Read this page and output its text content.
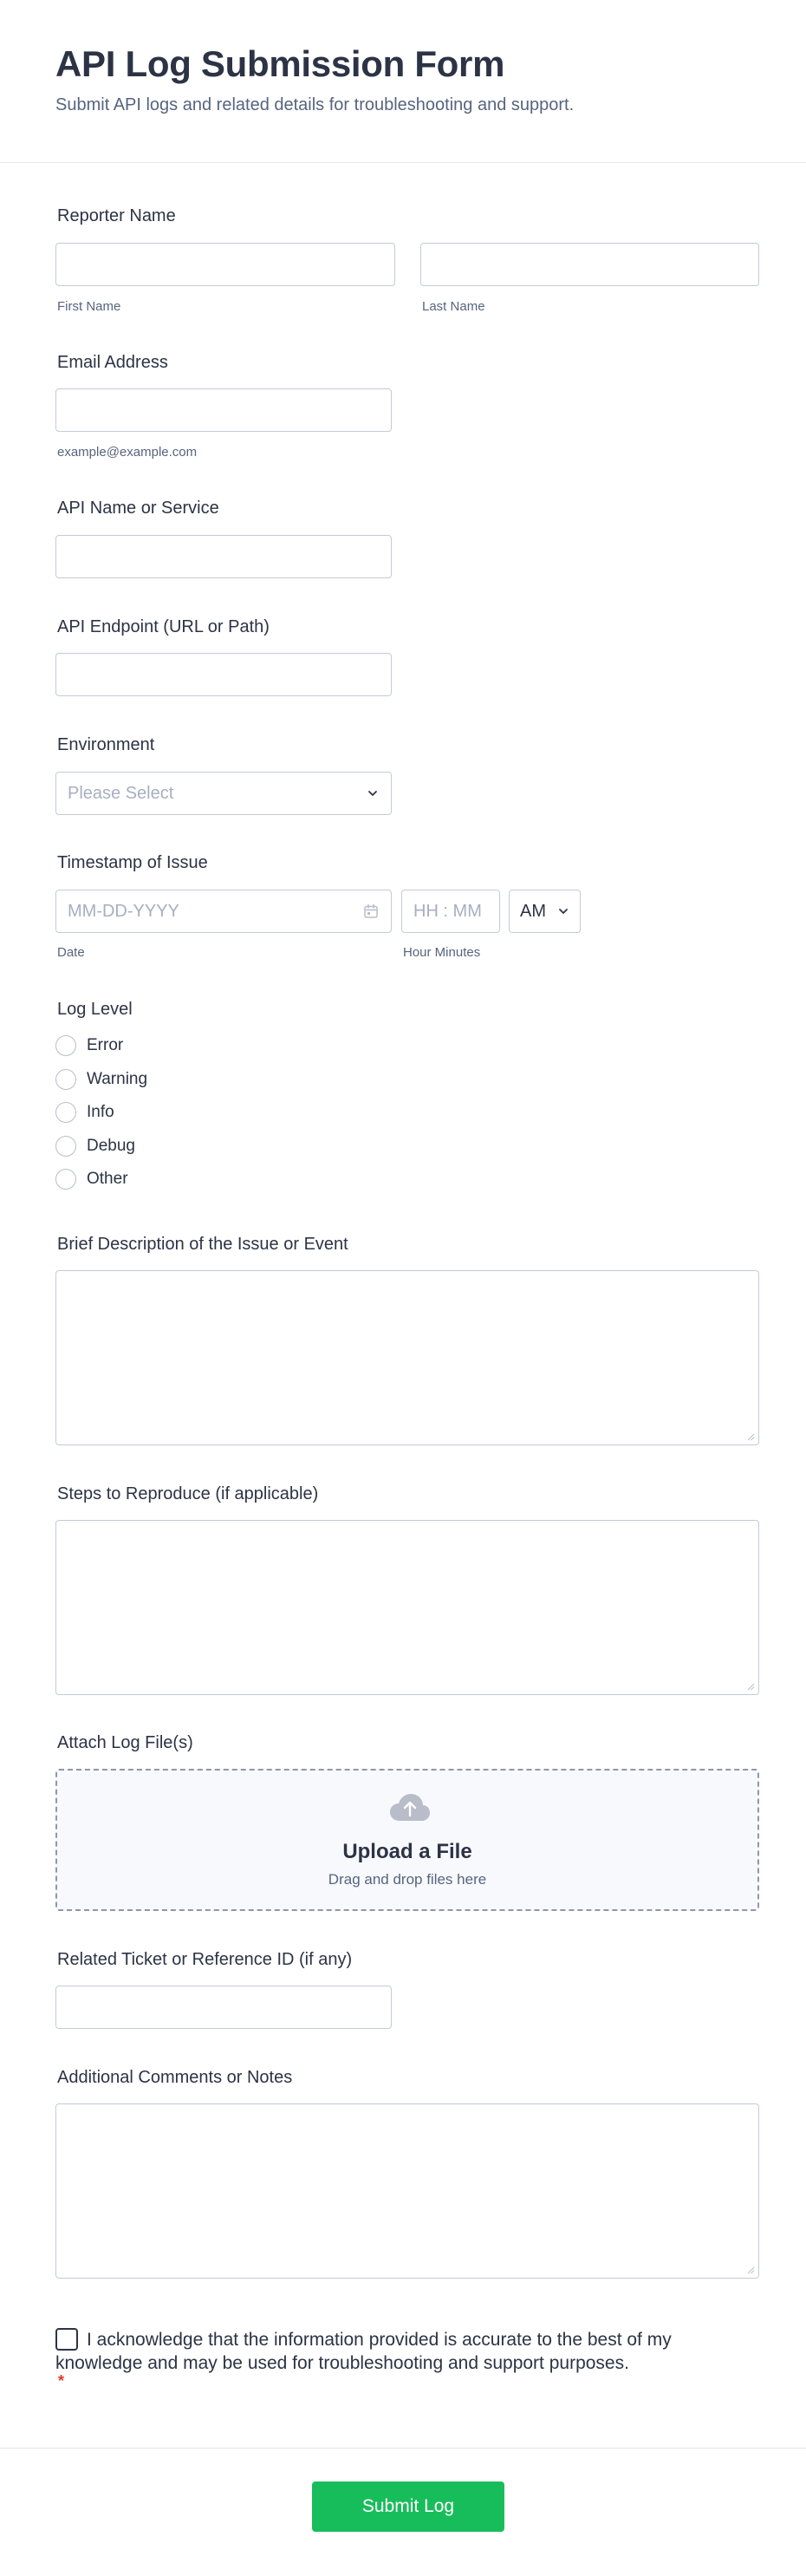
API Log Submission Form
Submit API logs and related details for troubleshooting and support.
Reporter Name
First Name	Last Name
Email Address
example@example.com
API Name or Service
API Endpoint (URL or Path)
Environment
Please Select
Timestamp of Issue
MM-DD-YYYY	HH : MM AM
Date	Hour Minutes
Log Level
Error
Warning
Info
Debug
Other
Brief Description of the Issue or Event
Steps to Reproduce (if applicable)
Attach Log File(s)
Upload a File
Drag and drop files here
Related Ticket or Reference ID (if any)
Additional Comments or Notes
I acknowledge that the information provided is accurate to the best of my knowledge and may be used for troubleshooting and support purposes.
*
Submit Log
